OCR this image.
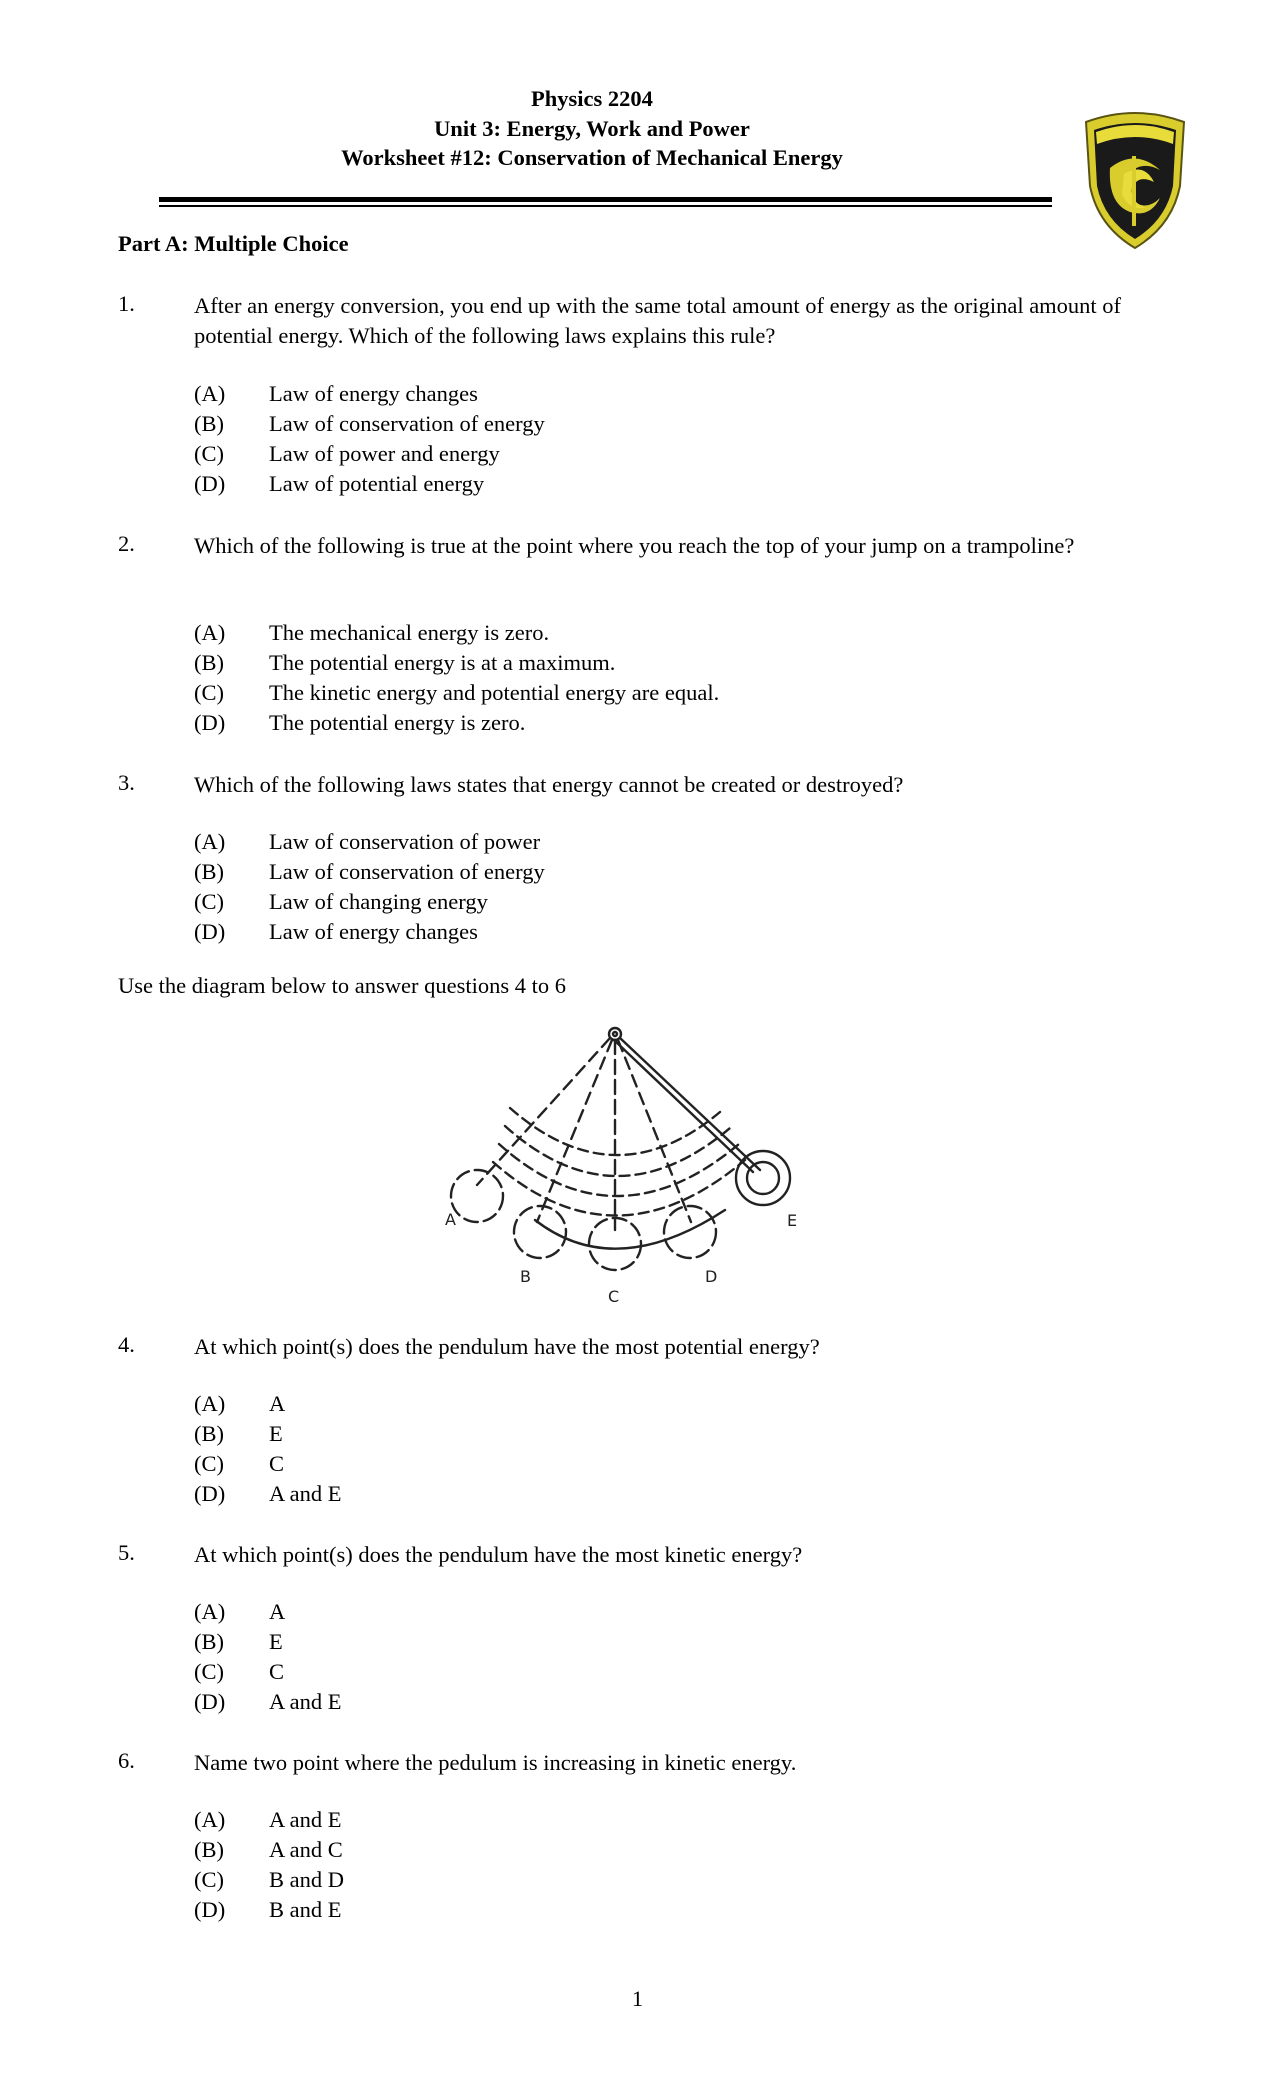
Physics 2204
Unit 3: Energy, Work and Power
Worksheet #12: Conservation of Mechanical Energy
Part A: Multiple Choice
1.	After an energy conversion, you end up with the same total amount of energy as the original amount of potential energy. Which of the following laws explains this rule?
(A) Law of energy changes
(B) Law of conservation of energy
(C) Law of power and energy
(D) Law of potential energy
2.	Which of the following is true at the point where you reach the top of your jump on a trampoline?
(A) The mechanical energy is zero.
(B) The potential energy is at a maximum.
(C) The kinetic energy and potential energy are equal.
(D) The potential energy is zero.
3.	Which of the following laws states that energy cannot be created or destroyed?
(A) Law of conservation of power
(B) Law of conservation of energy
(C) Law of changing energy
(D) Law of energy changes
Use the diagram below to answer questions 4 to 6
A
B
C
D
E
4.	At which point(s) does the pendulum have the most potential energy?
(A) A
(B) E
(C) C
(D) A and E
5.	At which point(s) does the pendulum have the most kinetic energy?
(A) A
(B) E
(C) C
(D) A and E
6.	Name two point where the pedulum is increasing in kinetic energy.
(A) A and E
(B) A and C
(C) B and D
(D) B and E
1
